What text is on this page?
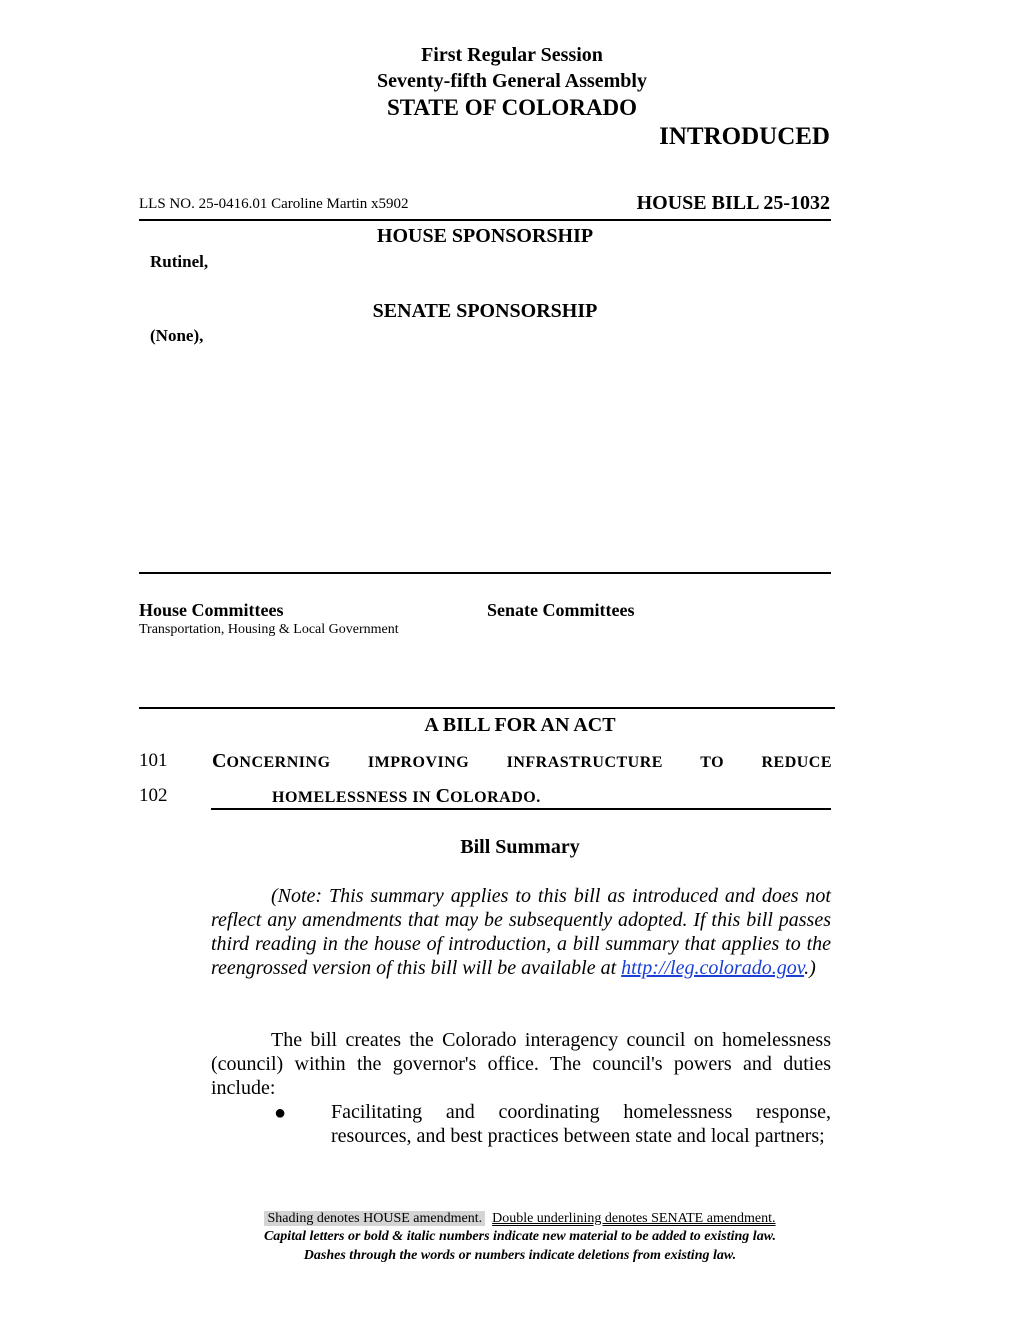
First Regular Session
Seventy-fifth General Assembly
STATE OF COLORADO
INTRODUCED
LLS NO. 25-0416.01 Caroline Martin x5902	HOUSE BILL 25-1032
HOUSE SPONSORSHIP
Rutinel,
SENATE SPONSORSHIP
(None),
House Committees
Transportation, Housing & Local Government
Senate Committees
A BILL FOR AN ACT
101 CONCERNING IMPROVING INFRASTRUCTURE TO REDUCE
102	HOMELESSNESS IN COLORADO.
Bill Summary
(Note: This summary applies to this bill as introduced and does not reflect any amendments that may be subsequently adopted. If this bill passes third reading in the house of introduction, a bill summary that applies to the reengrossed version of this bill will be available at http://leg.colorado.gov.)
The bill creates the Colorado interagency council on homelessness (council) within the governor's office. The council's powers and duties include:
● Facilitating and coordinating homelessness response, resources, and best practices between state and local partners;
Shading denotes HOUSE amendment. Double underlining denotes SENATE amendment.
Capital letters or bold & italic numbers indicate new material to be added to existing law.
Dashes through the words or numbers indicate deletions from existing law.
